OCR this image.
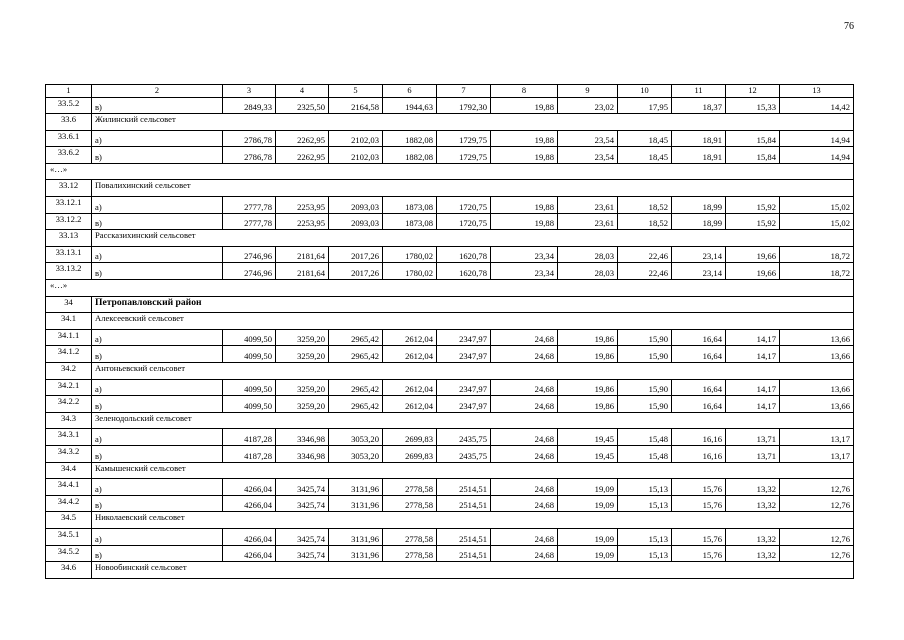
76
1	2	3	4	5	6	7	8	9	10	11	12	13
33.5.2	в)	2849,33	2325,50	2164,58	1944,63	1792,30	19,88	23,02	17,95	18,37	15,33	14,42
33.6	Жилинский сельсовет											
33.6.1	а)	2786,78	2262,95	2102,03	1882,08	1729,75	19,88	23,54	18,45	18,91	15,84	14,94
33.6.2	в)	2786,78	2262,95	2102,03	1882,08	1729,75	19,88	23,54	18,45	18,91	15,84	14,94
«…»												
33.12	Повалихинский сельсовет											
33.12.1	а)	2777,78	2253,95	2093,03	1873,08	1720,75	19,88	23,61	18,52	18,99	15,92	15,02
33.12.2	в)	2777,78	2253,95	2093,03	1873,08	1720,75	19,88	23,61	18,52	18,99	15,92	15,02
33.13	Рассказихинский сельсовет											
33.13.1	а)	2746,96	2181,64	2017,26	1780,02	1620,78	23,34	28,03	22,46	23,14	19,66	18,72
33.13.2	в)	2746,96	2181,64	2017,26	1780,02	1620,78	23,34	28,03	22,46	23,14	19,66	18,72
«…»												
34	Петропавловский район											
34.1	Алексеевский сельсовет											
34.1.1	а)	4099,50	3259,20	2965,42	2612,04	2347,97	24,68	19,86	15,90	16,64	14,17	13,66
34.1.2	в)	4099,50	3259,20	2965,42	2612,04	2347,97	24,68	19,86	15,90	16,64	14,17	13,66
34.2	Антоньевский сельсовет											
34.2.1	а)	4099,50	3259,20	2965,42	2612,04	2347,97	24,68	19,86	15,90	16,64	14,17	13,66
34.2.2	в)	4099,50	3259,20	2965,42	2612,04	2347,97	24,68	19,86	15,90	16,64	14,17	13,66
34.3	Зеленодольский сельсовет											
34.3.1	а)	4187,28	3346,98	3053,20	2699,83	2435,75	24,68	19,45	15,48	16,16	13,71	13,17
34.3.2	в)	4187,28	3346,98	3053,20	2699,83	2435,75	24,68	19,45	15,48	16,16	13,71	13,17
34.4	Камышенский сельсовет											
34.4.1	а)	4266,04	3425,74	3131,96	2778,58	2514,51	24,68	19,09	15,13	15,76	13,32	12,76
34.4.2	в)	4266,04	3425,74	3131,96	2778,58	2514,51	24,68	19,09	15,13	15,76	13,32	12,76
34.5	Николаевский сельсовет											
34.5.1	а)	4266,04	3425,74	3131,96	2778,58	2514,51	24,68	19,09	15,13	15,76	13,32	12,76
34.5.2	в)	4266,04	3425,74	3131,96	2778,58	2514,51	24,68	19,09	15,13	15,76	13,32	12,76
34.6	Новообинский сельсовет											
